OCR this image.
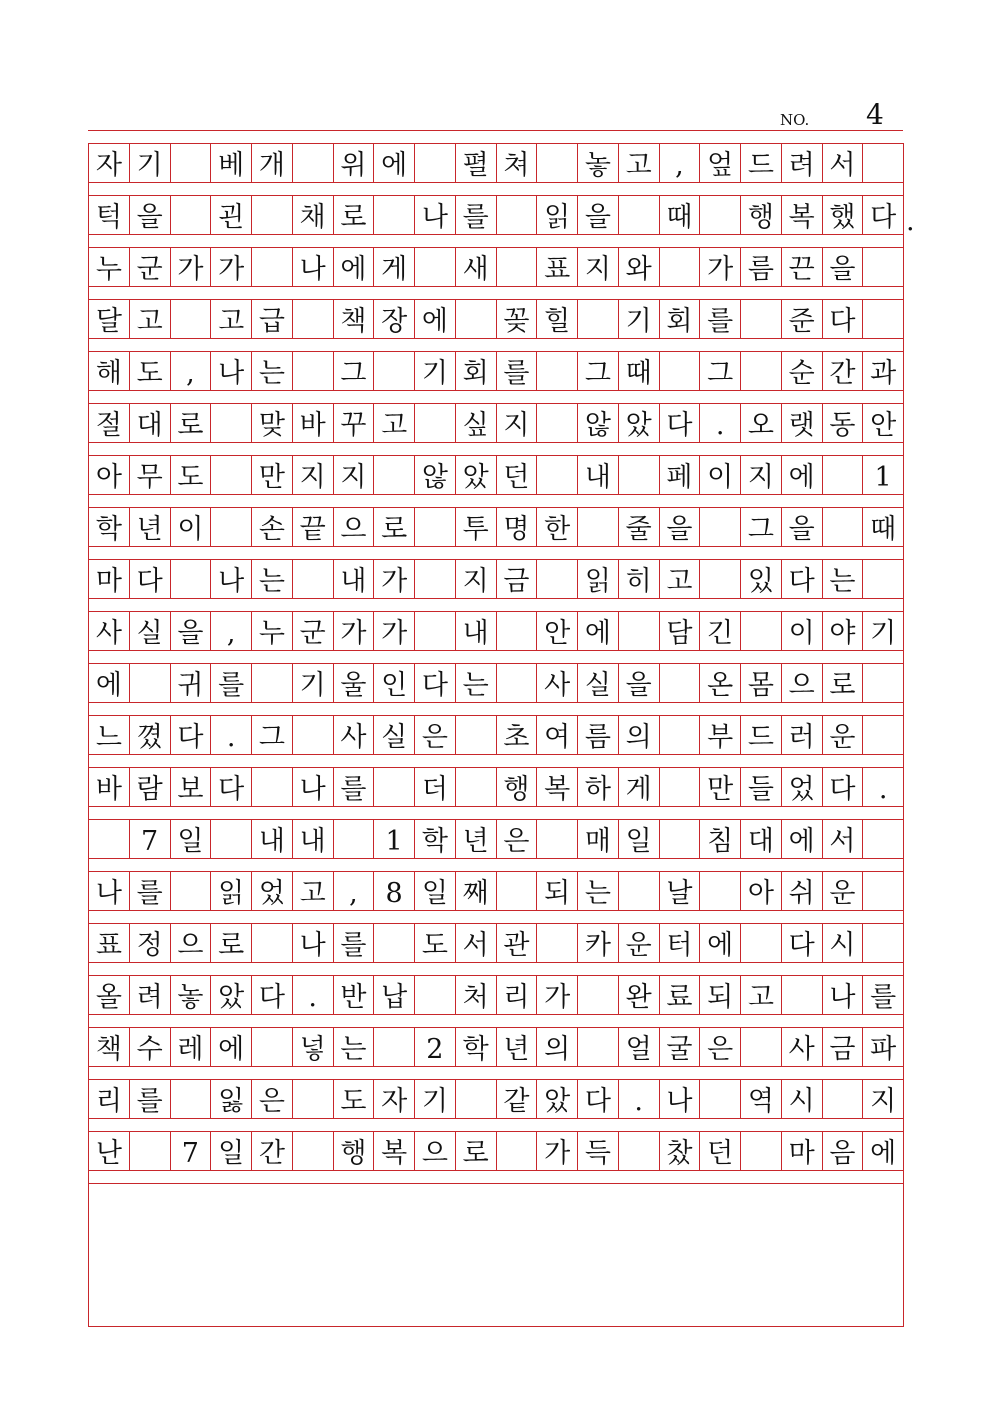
NO. 4
자 기 베 개 위 에 펼 쳐 놓 고 , 엎 드 려 서
턱 을 괸 채 로 나 를 읽 을 때 행 복 했 다
누 군 가 가 나 에 게 새 표 지 와 가 름 끈 을
달 고 고 급 책 장 에 꽂 힐 기 회 를 준 다
해 도 , 나 는 그 기 회 를 그 때 그 순 간 과
절 대 로 맞 바 꾸 고 싶 지 않 았 다 . 오 랫 동 안
아 무 도 만 지 지 않 았 던 내 페 이 지 에	1
학 년 이 손 끝 으 로 투 명 한 줄 을 그 을 때
마 다 나 는 내 가 지 금 읽 히 고 있 다 는
사 실 을 , 누 군 가 가 내 안 에 담 긴 이 야 기
에 귀 를 기 울 인 다 는 사 실 을 온 몸 으 로
느 꼈 다 . 그 사 실 은 초 여 름 의 부 드 러 운
바 람 보 다 나 를 더 행 복 하 게 만 들 었 다 .
7 일 내 내	1 학 년 은 매 일 침 대 에 서
나 를 읽 었 고 ,	8 일 째 되 는 날 아 쉬 운
표 정 으 로 나 를 도 서 관 카 운 터 에 다 시
올 려 놓 았 다 . 반 납 처 리 가 완 료 되 고 나 를
책 수 레 에 넣 는	2 학 년 의 얼 굴 은 사 금 파
리 를 잃 은 도 자 기 같 았 다 . 나 역 시 지
난	7 일 간 행 복 으 로 가 득 찼 던 마 음 에
.
